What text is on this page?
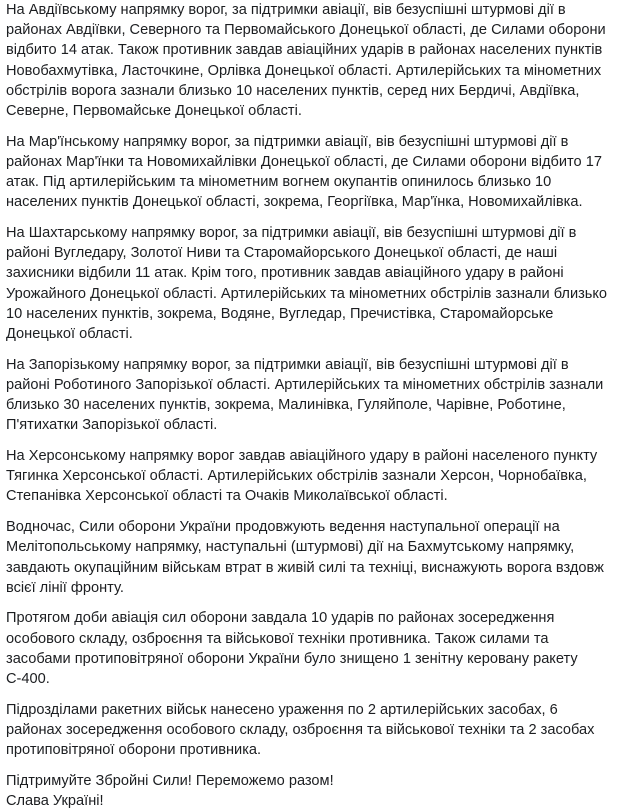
На Авдіївському напрямку ворог, за підтримки авіації, вів безуспішні штурмові дії в районах Авдіївки, Северного та Первомайського Донецької області, де Силами оборони відбито 14 атак. Також противник завдав авіаційних ударів в районах населених пунктів Новобахмутівка, Ласточкине, Орлівка Донецької області. Артилерійських та мінометних обстрілів ворога зазнали близько 10 населених пунктів, серед них Бердичі, Авдіївка, Северне, Первомайське Донецької області.

На Мар'їнському напрямку ворог, за підтримки авіації, вів безуспішні штурмові дії в районах Мар'їнки та Новомихайлівки Донецької області, де Силами оборони відбито 17 атак. Під артилерійським та мінометним вогнем окупантів опинилось близько 10 населених пунктів Донецької області, зокрема, Георгіївка, Мар'їнка, Новомихайлівка.

На Шахтарському напрямку ворог, за підтримки авіації, вів безуспішні штурмові дії в районі Вугледару, Золотої Ниви та Старомайорського Донецької області, де наші захисники відбили 11 атак. Крім того, противник завдав авіаційного удару в районі Урожайного Донецької області. Артилерійських та мінометних обстрілів зазнали близько 10 населених пунктів, зокрема, Водяне, Вугледар, Пречистівка, Старомайорське Донецької області.

На Запорізькому напрямку ворог, за підтримки авіації, вів безуспішні штурмові дії в районі Роботиного Запорізької області. Артилерійських та мінометних обстрілів зазнали близько 30 населених пунктів, зокрема, Малинівка, Гуляйполе, Чарівне, Роботине, П'ятихатки Запорізької області.

На Херсонському напрямку ворог завдав авіаційного удару в районі населеного пункту Тягинка Херсонської області. Артилерійських обстрілів зазнали Херсон, Чорнобаївка, Степанівка Херсонської області та Очаків Миколаївської області.

Водночас, Сили оборони України продовжують ведення наступальної операції на Мелітопольському напрямку, наступальні (штурмові) дії на Бахмутському напрямку, завдають окупаційним військам втрат в живій силі та техніці, виснажують ворога вздовж всієї лінії фронту.

Протягом доби авіація сил оборони завдала 10 ударів по районах зосередження особового складу, озброєння та військової техніки противника. Також силами та засобами протиповітряної оборони України було знищено 1 зенітну керовану ракету С-400.

Підрозділами ракетних військ нанесено ураження по 2 артилерійських засобах, 6 районах зосередження особового складу, озброєння та військової техніки та 2 засобах протиповітряної оборони противника.

Підтримуйте Збройні Сили! Переможемо разом!
Слава Україні!
